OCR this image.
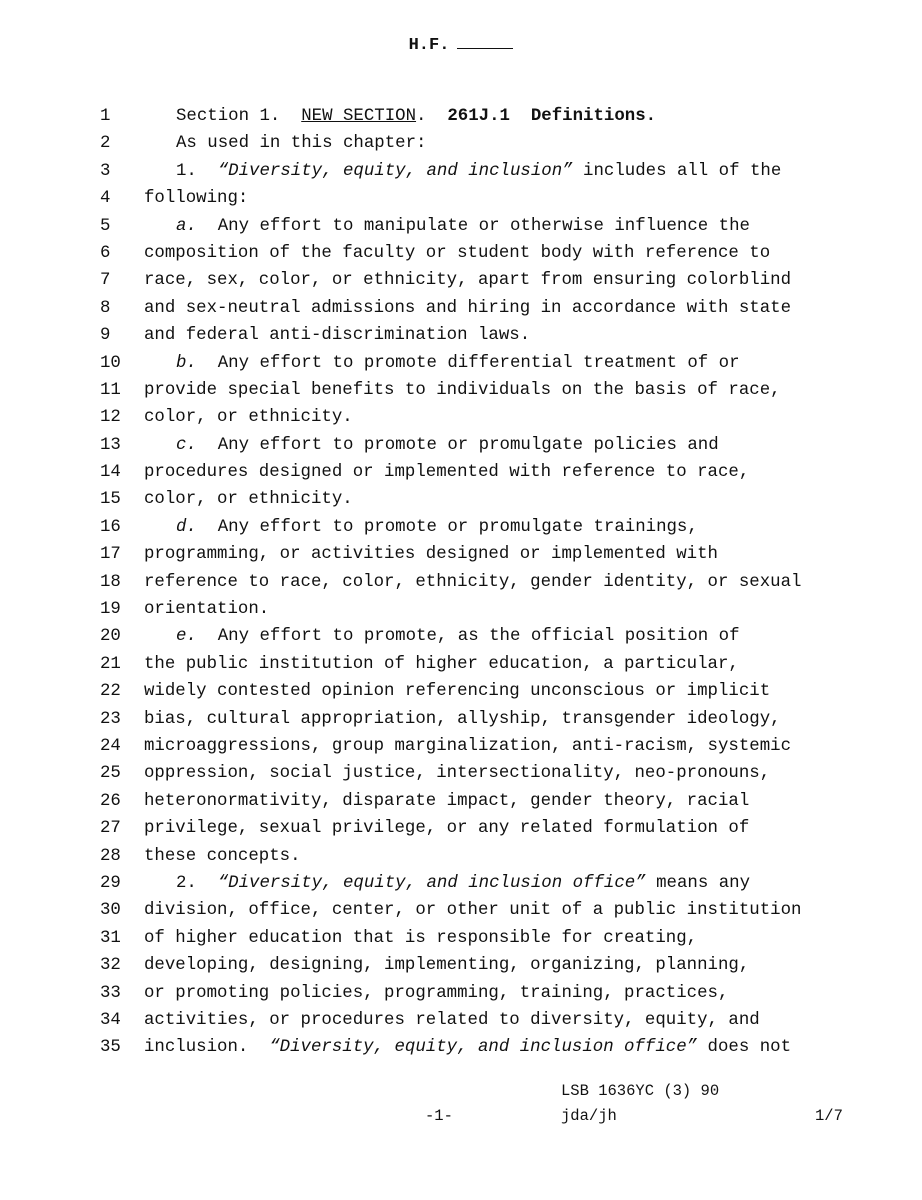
H.F.
1	Section 1.  NEW SECTION.  261J.1  Definitions.
2	As used in this chapter:
3	1.  “Diversity, equity, and inclusion” includes all of the
4	following:
5	a.  Any effort to manipulate or otherwise influence the
6	composition of the faculty or student body with reference to
7	race, sex, color, or ethnicity, apart from ensuring colorblind
8	and sex-neutral admissions and hiring in accordance with state
9	and federal anti-discrimination laws.
10	b.  Any effort to promote differential treatment of or
11	provide special benefits to individuals on the basis of race,
12	color, or ethnicity.
13	c.  Any effort to promote or promulgate policies and
14	procedures designed or implemented with reference to race,
15	color, or ethnicity.
16	d.  Any effort to promote or promulgate trainings,
17	programming, or activities designed or implemented with
18	reference to race, color, ethnicity, gender identity, or sexual
19	orientation.
20	e.  Any effort to promote, as the official position of
21	the public institution of higher education, a particular,
22	widely contested opinion referencing unconscious or implicit
23	bias, cultural appropriation, allyship, transgender ideology,
24	microaggressions, group marginalization, anti-racism, systemic
25	oppression, social justice, intersectionality, neo-pronouns,
26	heteronormativity, disparate impact, gender theory, racial
27	privilege, sexual privilege, or any related formulation of
28	these concepts.
29	2.  “Diversity, equity, and inclusion office” means any
30	division, office, center, or other unit of a public institution
31	of higher education that is responsible for creating,
32	developing, designing, implementing, organizing, planning,
33	or promoting policies, programming, training, practices,
34	activities, or procedures related to diversity, equity, and
35	inclusion.  “Diversity, equity, and inclusion office” does not
LSB 1636YC (3) 90
-1-	jda/jh	1/7
